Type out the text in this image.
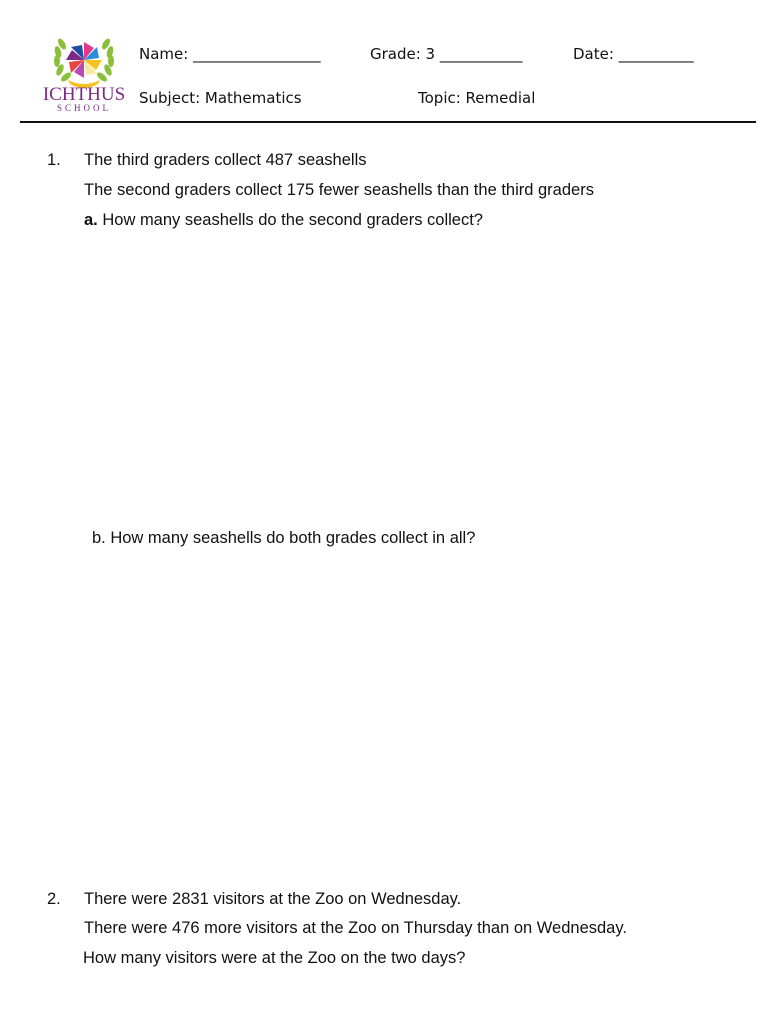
ICHTHUS
SCHOOL
Name: _________________	Grade: 3 ___________	Date: __________
Subject: Mathematics	Topic: Remedial
1. The third graders collect 487 seashells
The second graders collect 175 fewer seashells than the third graders
a. How many seashells do the second graders collect?
b. How many seashells do both grades collect in all?
2. There were 2831 visitors at the Zoo on Wednesday.
There were 476 more visitors at the Zoo on Thursday than on Wednesday.
How many visitors were at the Zoo on the two days?
